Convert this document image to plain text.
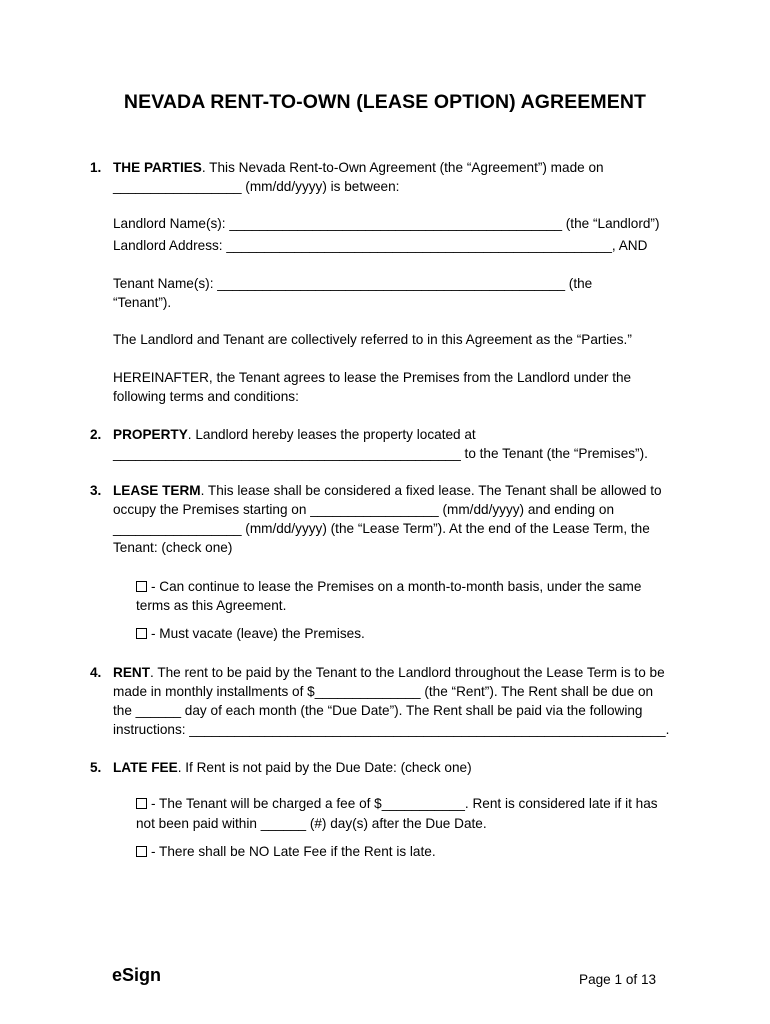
NEVADA RENT-TO-OWN (LEASE OPTION) AGREEMENT
1. THE PARTIES. This Nevada Rent-to-Own Agreement (the “Agreement”) made on
_________________ (mm/dd/yyyy) is between:
Landlord Name(s): ____________________________________________ (the “Landlord”)
Landlord Address: ___________________________________________________, AND
Tenant Name(s): ______________________________________________ (the
“Tenant”).
The Landlord and Tenant are collectively referred to in this Agreement as the “Parties.”
HEREINAFTER, the Tenant agrees to lease the Premises from the Landlord under the
following terms and conditions:
2. PROPERTY. Landlord hereby leases the property located at
______________________________________________ to the Tenant (the “Premises”).
3. LEASE TERM. This lease shall be considered a fixed lease. The Tenant shall be allowed to
occupy the Premises starting on _________________ (mm/dd/yyyy) and ending on
_________________ (mm/dd/yyyy) (the “Lease Term”). At the end of the Lease Term, the
Tenant: (check one)
- Can continue to lease the Premises on a month-to-month basis, under the same
terms as this Agreement.
- Must vacate (leave) the Premises.
4. RENT. The rent to be paid by the Tenant to the Landlord throughout the Lease Term is to be
made in monthly installments of $______________ (the “Rent”). The Rent shall be due on
the ______ day of each month (the “Due Date”). The Rent shall be paid via the following
instructions: _______________________________________________________________.
5. LATE FEE. If Rent is not paid by the Due Date: (check one)
- The Tenant will be charged a fee of $___________. Rent is considered late if it has
not been paid within ______ (#) day(s) after the Due Date.
- There shall be NO Late Fee if the Rent is late.
eSign	Page 1 of 13
